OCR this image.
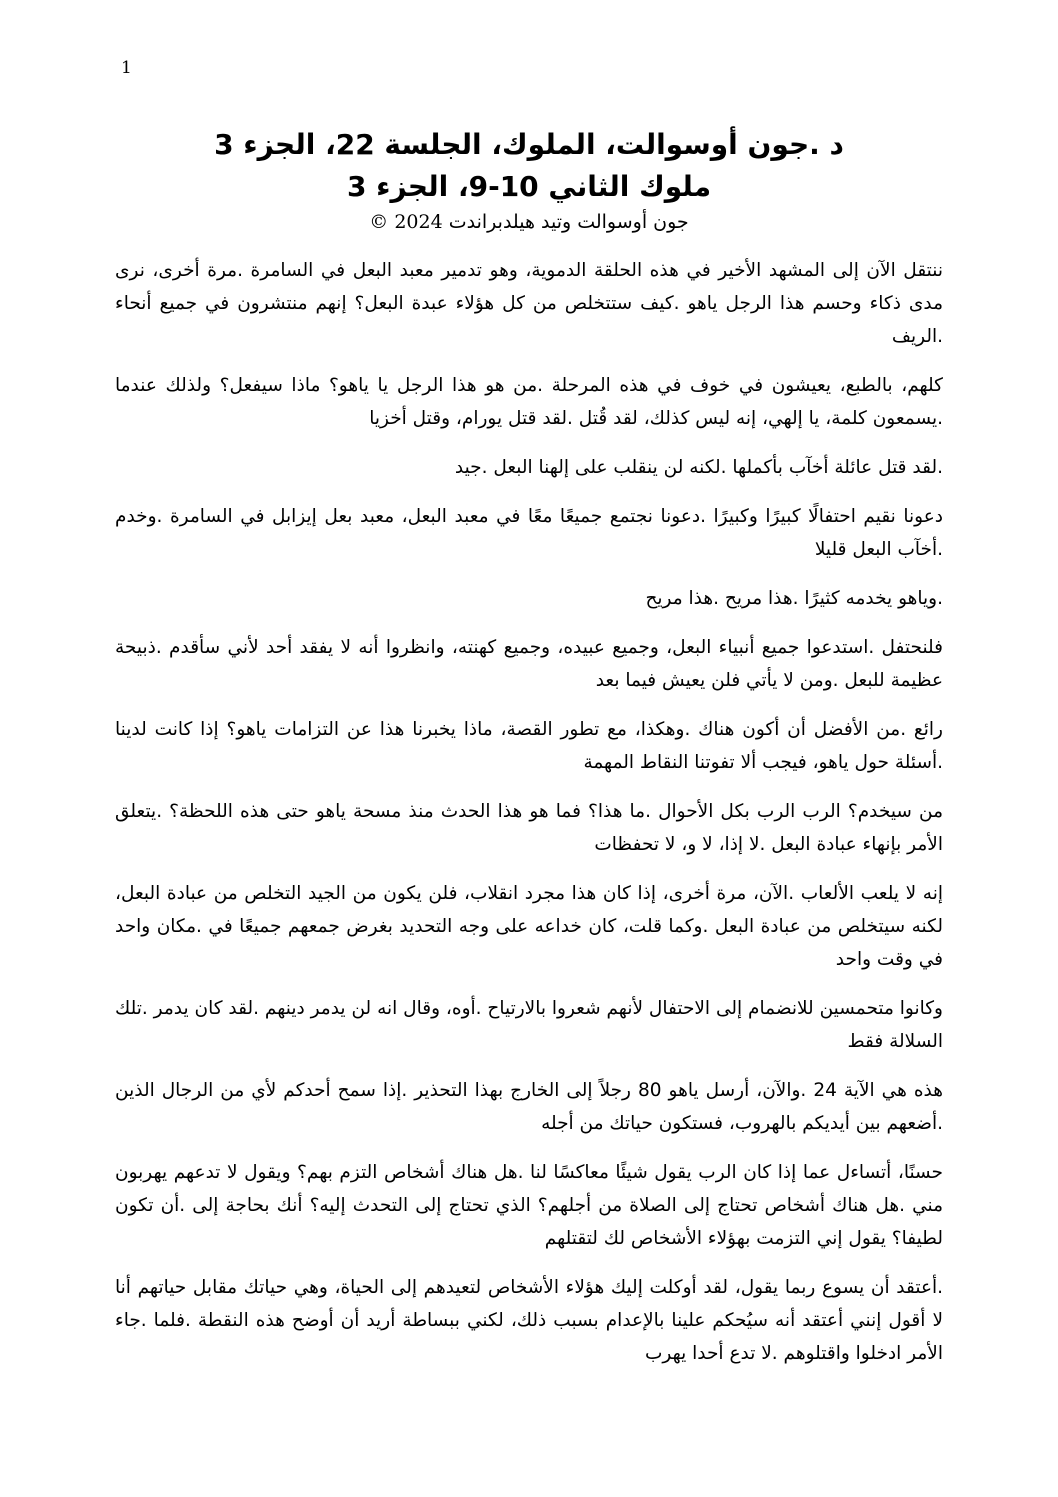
1
د .جون أوسوالت، الملوك، الجلسة 22، الجزء 3
ملوك الثاني 10-9، الجزء 3
جون أوسوالت وتيد هيلدبراندت 2024 ©

ننتقل الآن إلى المشهد الأخير في هذه الحلقة الدموية، وهو تدمير معبد البعل في السامرة .مرة أخرى، نرى مدى ذكاء وحسم هذا الرجل ياهو .كيف ستتخلص من كل هؤلاء عبدة البعل؟ إنهم منتشرون في جميع أنحاء .الريف

كلهم، بالطبع، يعيشون في خوف في هذه المرحلة .من هو هذا الرجل يا ياهو؟ ماذا سيفعل؟ ولذلك عندما .يسمعون كلمة، يا إلهي، إنه ليس كذلك، لقد قُتل .لقد قتل يورام، وقتل أخزيا

.لقد قتل عائلة أخآب بأكملها .لكنه لن ينقلب على إلهنا البعل .جيد

دعونا نقيم احتفالًا كبيرًا وكبيرًا .دعونا نجتمع جميعًا معًا في معبد البعل، معبد بعل إيزابل في السامرة .وخدم .أخآب البعل قليلا

.وياهو يخدمه كثيرًا .هذا مريح .هذا مريح

فلنحتفل .استدعوا جميع أنبياء البعل، وجميع عبيده، وجميع كهنته، وانظروا أنه لا يفقد أحد لأني سأقدم .ذبيحة عظيمة للبعل .ومن لا يأتي فلن يعيش فيما بعد

رائع .من الأفضل أن أكون هناك .وهكذا، مع تطور القصة، ماذا يخبرنا هذا عن التزامات ياهو؟ إذا كانت لدينا .أسئلة حول ياهو، فيجب ألا تفوتنا النقاط المهمة

من سيخدم؟ الرب الرب بكل الأحوال .ما هذا؟ فما هو هذا الحدث منذ مسحة ياهو حتى هذه اللحظة؟ .يتعلق الأمر بإنهاء عبادة البعل .لا إذا، لا و، لا تحفظات

إنه لا يلعب الألعاب .الآن، مرة أخرى، إذا كان هذا مجرد انقلاب، فلن يكون من الجيد التخلص من عبادة البعل، لكنه سيتخلص من عبادة البعل .وكما قلت، كان خداعه على وجه التحديد بغرض جمعهم جميعًا في .مكان واحد في وقت واحد

وكانوا متحمسين للانضمام إلى الاحتفال لأنهم شعروا بالارتياح .أوه، وقال انه لن يدمر دينهم .لقد كان يدمر .تلك السلالة فقط

هذه هي الآية 24 .والآن، أرسل ياهو 80 رجلاً إلى الخارج بهذا التحذير .إذا سمح أحدكم لأي من الرجال الذين .أضعهم بين أيديكم بالهروب، فستكون حياتك من أجله

حسنًا، أتساءل عما إذا كان الرب يقول شيئًا معاكسًا لنا .هل هناك أشخاص التزم بهم؟ ويقول لا تدعهم يهربون مني .هل هناك أشخاص تحتاج إلى الصلاة من أجلهم؟ الذي تحتاج إلى التحدث إليه؟ أنك بحاجة إلى .أن تكون لطيفا؟ يقول إني التزمت بهؤلاء الأشخاص لك لتقتلهم

.أعتقد أن يسوع ربما يقول، لقد أوكلت إليك هؤلاء الأشخاص لتعيدهم إلى الحياة، وهي حياتك مقابل حياتهم أنا لا أقول إنني أعتقد أنه سيُحكم علينا بالإعدام بسبب ذلك، لكني ببساطة أريد أن أوضح هذه النقطة .فلما .جاء الأمر ادخلوا واقتلوهم .لا تدع أحدا يهرب
